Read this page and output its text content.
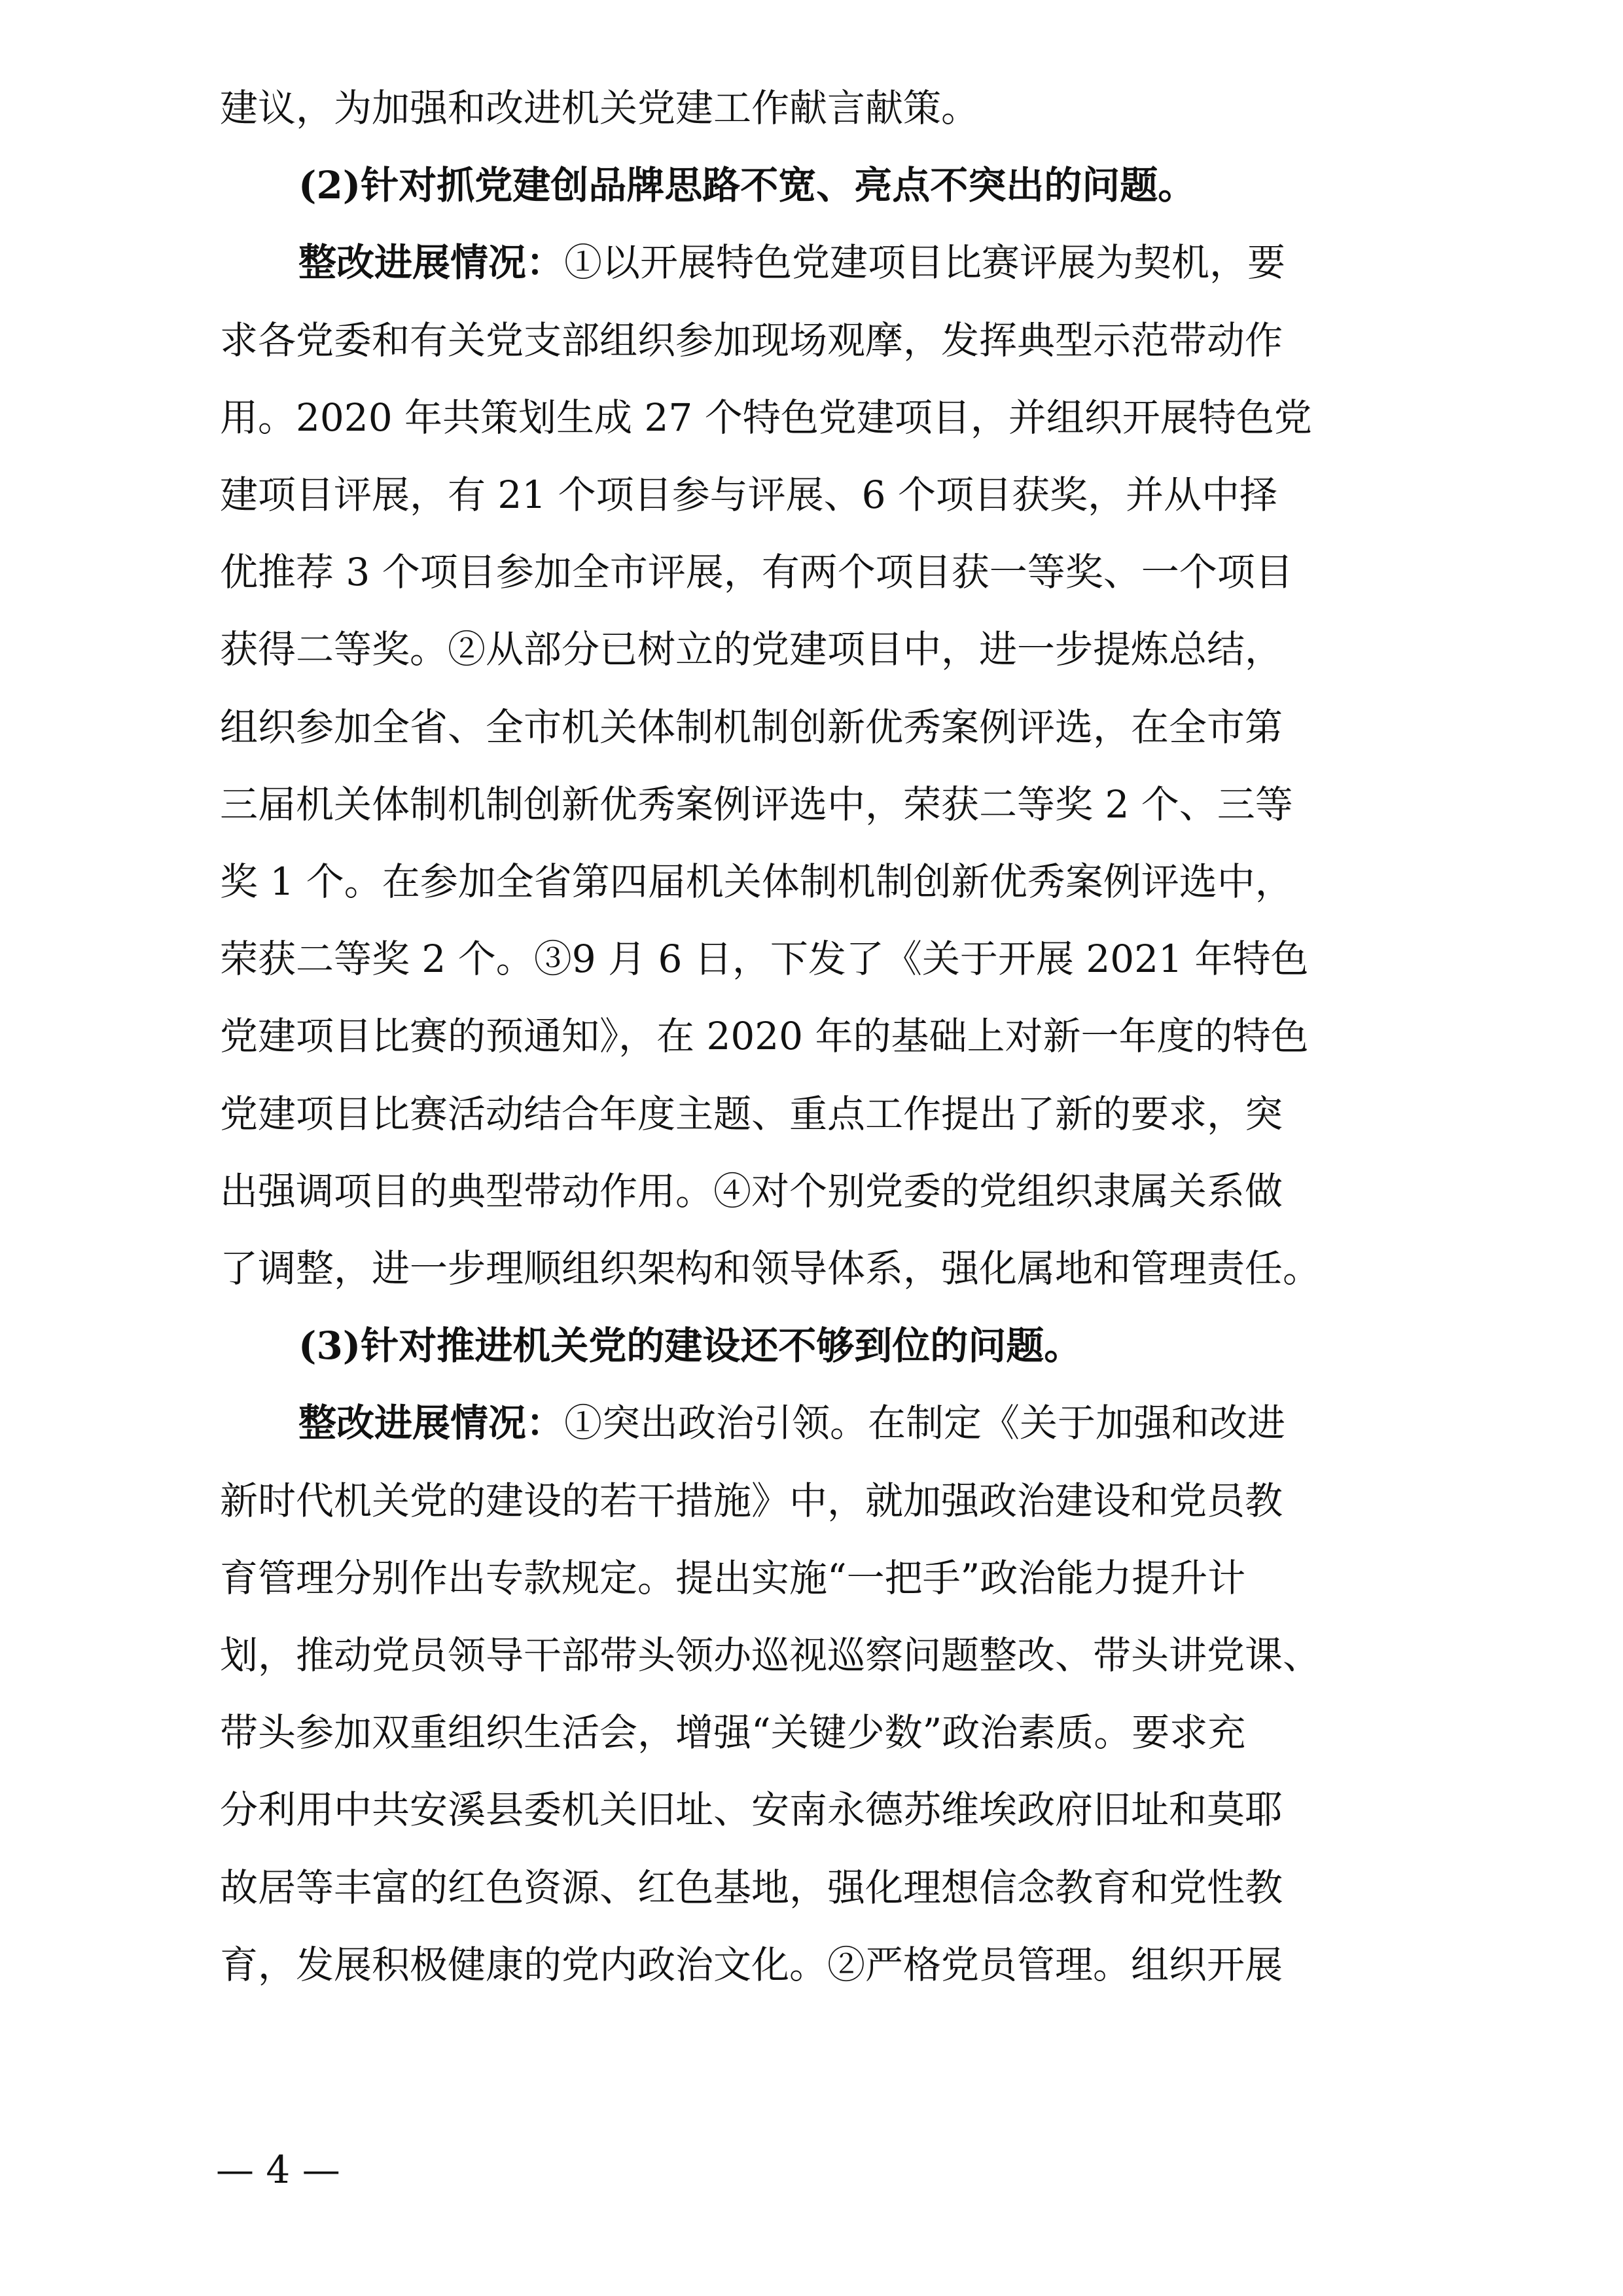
建议，为加强和改进机关党建工作献言献策。
(2)针对抓党建创品牌思路不宽、亮点不突出的问题。
整改进展情况：①以开展特色党建项目比赛评展为契机，要
求各党委和有关党支部组织参加现场观摩，发挥典型示范带动作
用。2020 年共策划生成 27 个特色党建项目，并组织开展特色党
建项目评展，有 21 个项目参与评展、6 个项目获奖，并从中择
优推荐 3 个项目参加全市评展，有两个项目获一等奖、一个项目
获得二等奖。②从部分已树立的党建项目中，进一步提炼总结，
组织参加全省、全市机关体制机制创新优秀案例评选，在全市第
三届机关体制机制创新优秀案例评选中，荣获二等奖 2 个、三等
奖 1 个。在参加全省第四届机关体制机制创新优秀案例评选中，
荣获二等奖 2 个。③9 月 6 日，下发了《关于开展 2021 年特色
党建项目比赛的预通知》，在 2020 年的基础上对新一年度的特色
党建项目比赛活动结合年度主题、重点工作提出了新的要求，突
出强调项目的典型带动作用。④对个别党委的党组织隶属关系做
了调整，进一步理顺组织架构和领导体系，强化属地和管理责任。
(3)针对推进机关党的建设还不够到位的问题。
整改进展情况：①突出政治引领。在制定《关于加强和改进
新时代机关党的建设的若干措施》中，就加强政治建设和党员教
育管理分别作出专款规定。提出实施“一把手”政治能力提升计
划，推动党员领导干部带头领办巡视巡察问题整改、带头讲党课、
带头参加双重组织生活会，增强“关键少数”政治素质。要求充
分利用中共安溪县委机关旧址、安南永德苏维埃政府旧址和莫耶
故居等丰富的红色资源、红色基地，强化理想信念教育和党性教
育，发展积极健康的党内政治文化。②严格党员管理。组织开展
— 4 —
